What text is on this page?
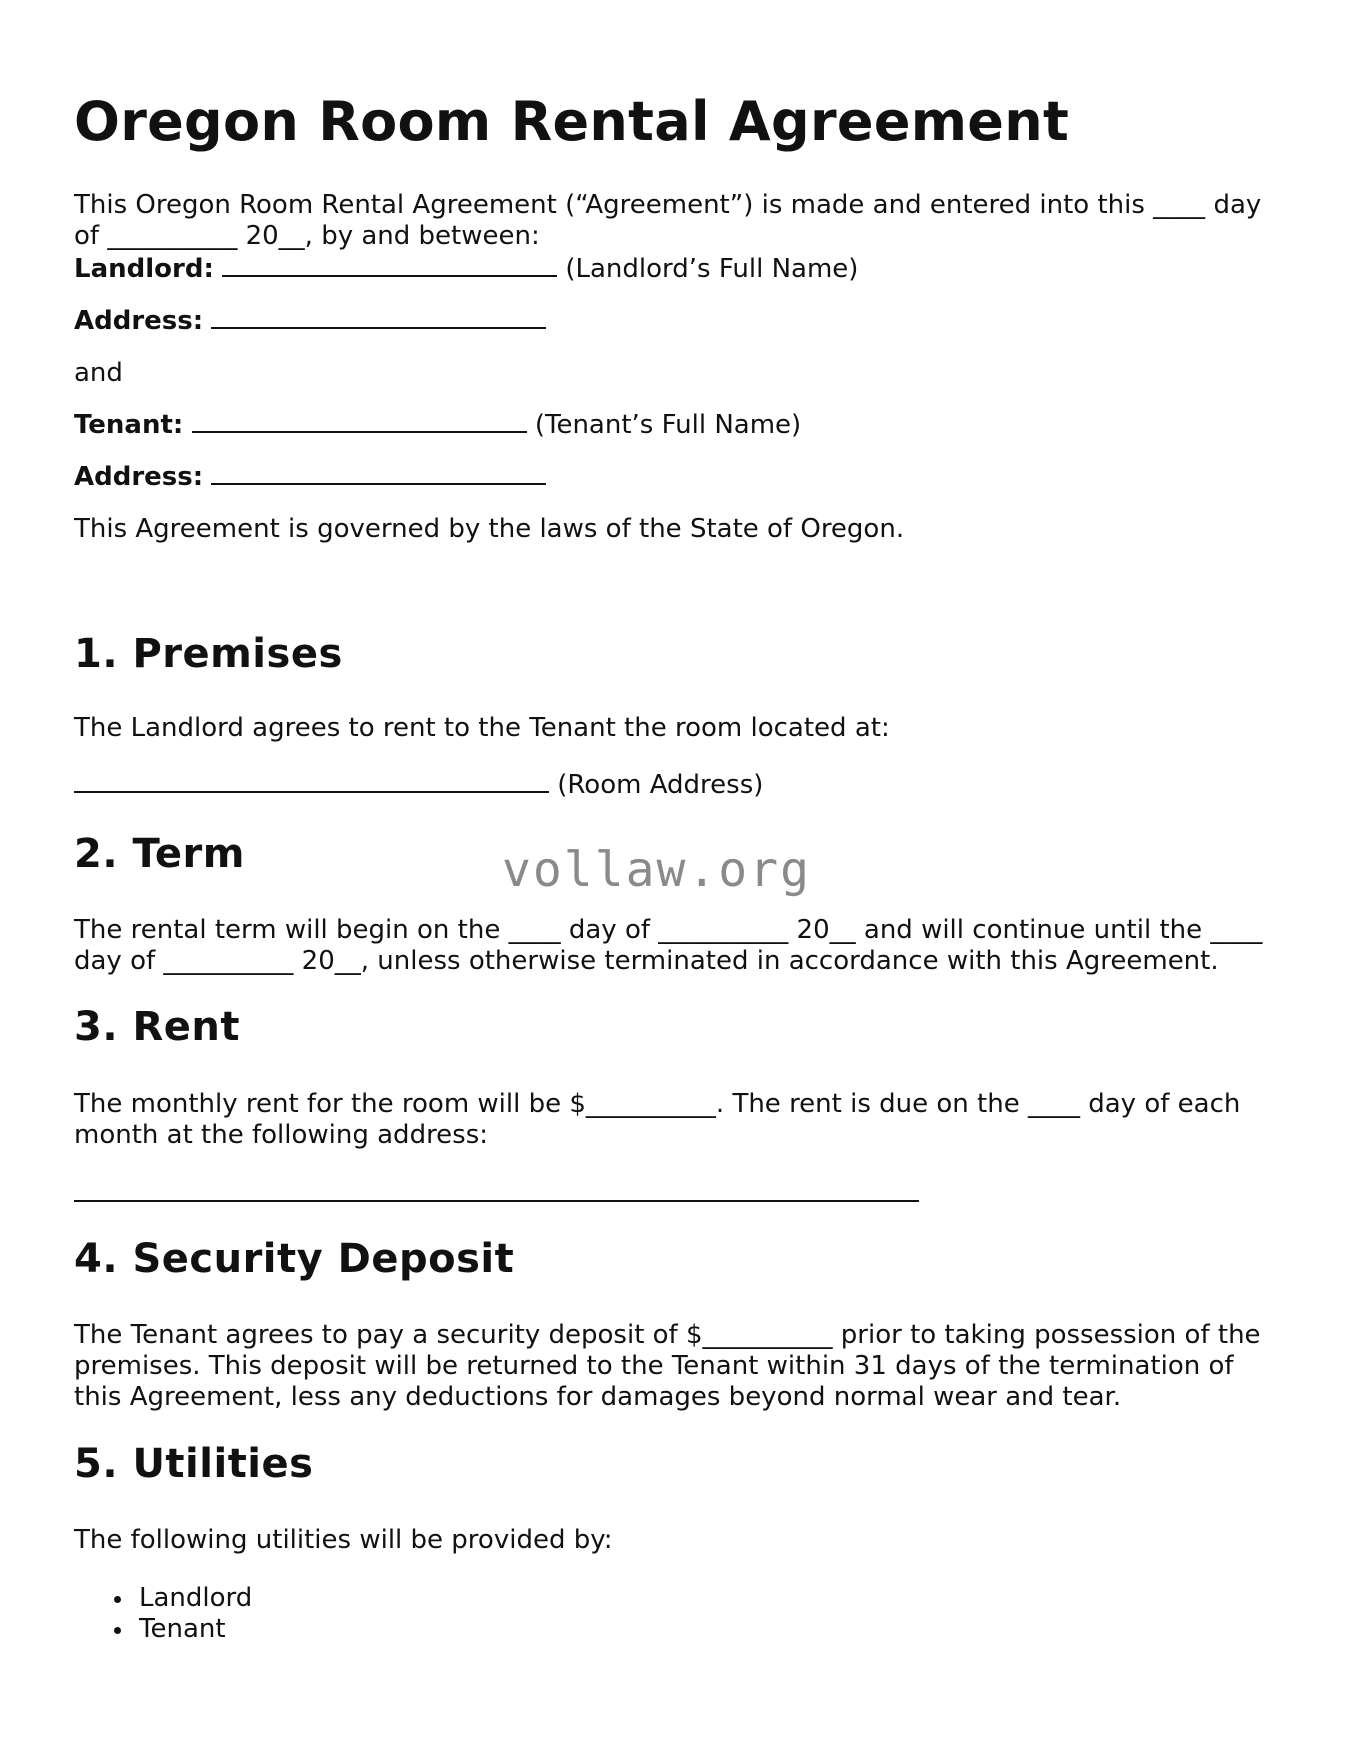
Oregon Room Rental Agreement

This Oregon Room Rental Agreement (“Agreement”) is made and entered into this ____ day of __________ 20__, by and between:

Landlord:	(Landlord’s Full Name)

Address:

and

Tenant:	(Tenant’s Full Name)

Address:

This Agreement is governed by the laws of the State of Oregon.

1. Premises

The Landlord agrees to rent to the Tenant the room located at:

(Room Address)

2. Term

The rental term will begin on the ____ day of __________ 20__ and will continue until the ____ day of __________ 20__, unless otherwise terminated in accordance with this Agreement.

3. Rent

The monthly rent for the room will be $__________. The rent is due on the ____ day of each month at the following address:

4. Security Deposit

The Tenant agrees to pay a security deposit of $__________ prior to taking possession of the premises. This deposit will be returned to the Tenant within 31 days of the termination of this Agreement, less any deductions for damages beyond normal wear and tear.

5. Utilities

The following utilities will be provided by:

Landlord
Tenant
vollaw.org
